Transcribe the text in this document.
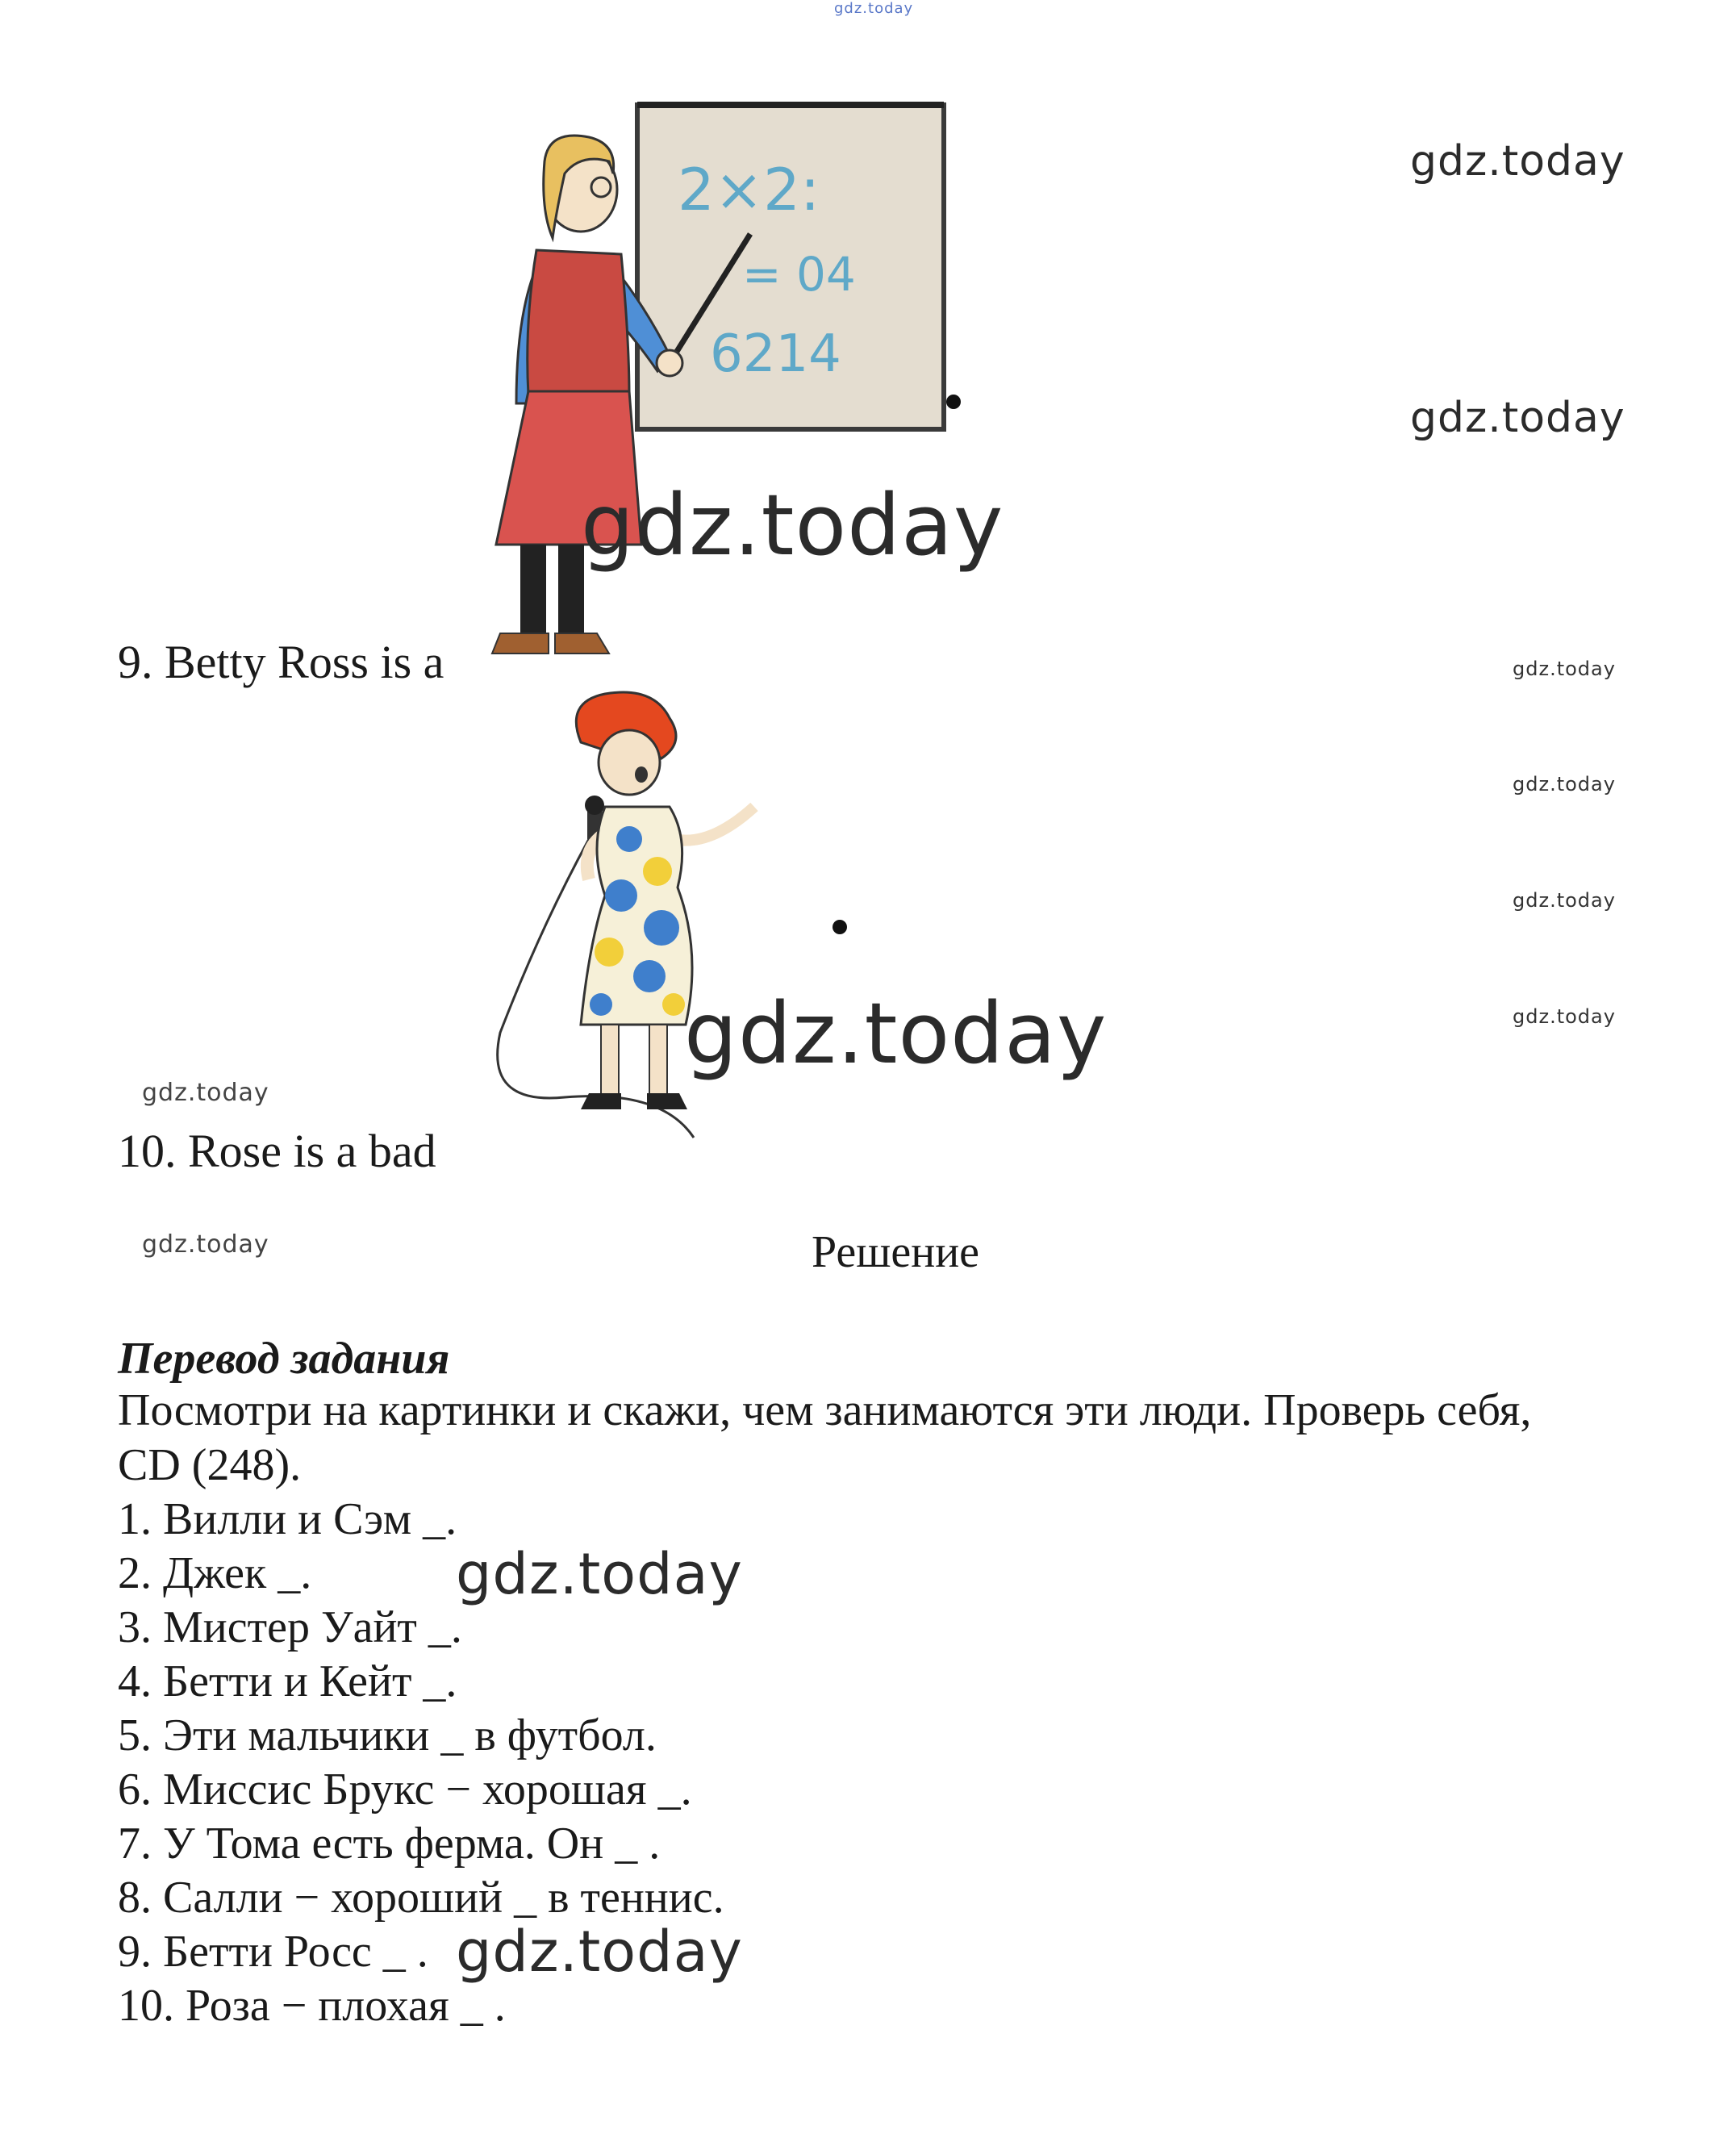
gdz.today
2×2:
= 04
6214
gdz.today
gdz.today
gdz.today
gdz.today
gdz.today
gdz.today
gdz.today
gdz.today
gdz.today
gdz.today
9. Betty Ross is a
10. Rose is a bad
Решение
Перевод задания
Посмотри на картинки и скажи, чем занимаются эти люди. Проверь себя,
CD (248).
1. Вилли и Сэм _.
2. Джек _.
3. Мистер Уайт _.
4. Бетти и Кейт _.
5. Эти мальчики _ в футбол.
6. Миссис Брукс − хорошая _.
7. У Тома есть ферма. Он _ .
8. Салли − хороший _ в теннис.
9. Бетти Росс _ .
10. Роза − плохая _ .
gdz.today
gdz.today
